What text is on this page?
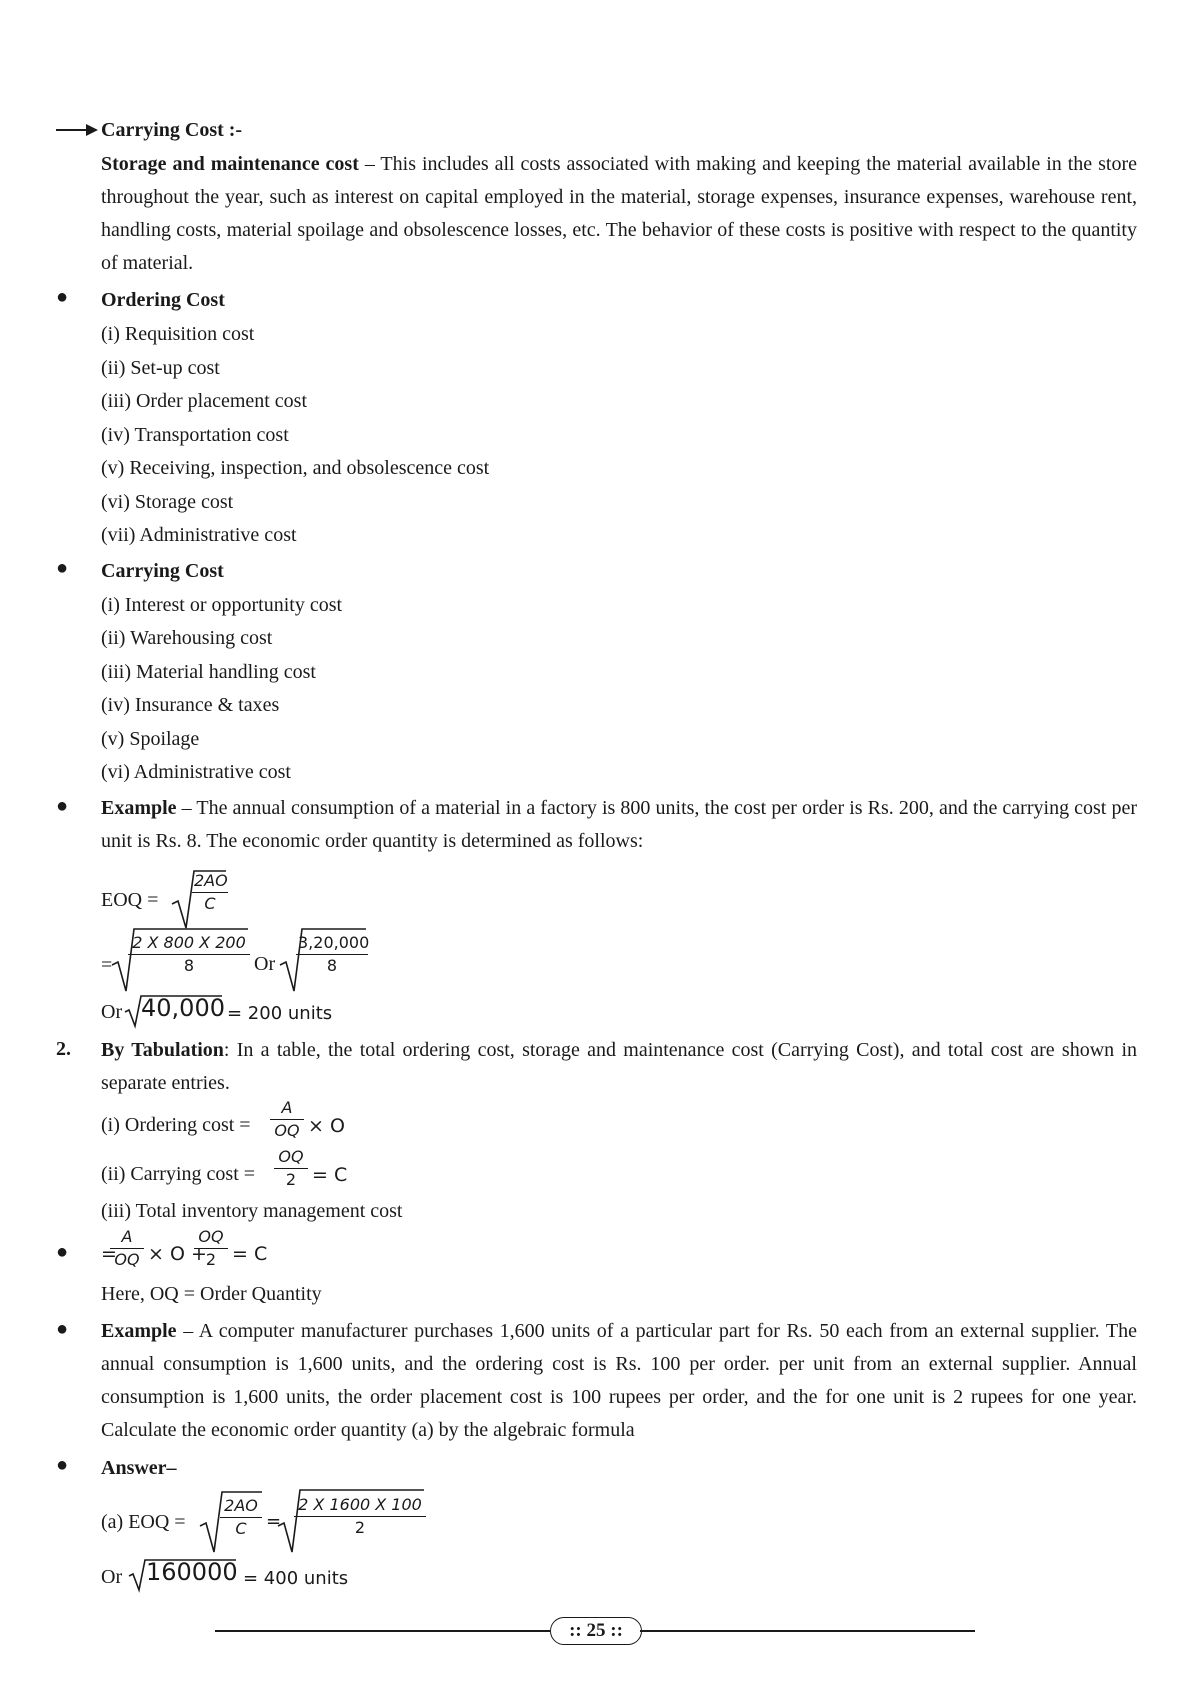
Carrying Cost :-
Storage and maintenance cost – This includes all costs associated with making and keeping the material available in the store throughout the year, such as interest on capital employed in the material, storage expenses, insurance expenses, warehouse rent, handling costs, material spoilage and obsolescence losses, etc. The behavior of these costs is positive with respect to the quantity of material.
● Ordering Cost
(i) Requisition cost
(ii) Set-up cost
(iii) Order placement cost
(iv) Transportation cost
(v) Receiving, inspection, and obsolescence cost
(vi) Storage cost
(vii) Administrative cost
● Carrying Cost
(i) Interest or opportunity cost
(ii) Warehousing cost
(iii) Material handling cost
(iv) Insurance & taxes
(v) Spoilage
(vi) Administrative cost
● Example – The annual consumption of a material in a factory is 800 units, the cost per order is Rs. 200, and the carrying cost per unit is Rs. 8. The economic order quantity is determined as follows:
EOQ = $\frac{2AO}{C}$
= $\frac{2 X 800 X 200}{8}$ Or $\frac{3,20,000}{8}$
Or 40,000 = 200 units
2. By Tabulation: In a table, the total ordering cost, storage and maintenance cost (Carrying Cost), and total cost are shown in separate entries.
(i) Ordering $\cos t = \frac{A}{OQ} \times O$
(ii) Carrying $\cos t = \frac{OQ}{2} = C$
(iii) Total inventory management cost
● =
$\frac{A}{OQ} \times O$ +
$\frac{OQ}{2} = C$
Here, OQ = Order Quantity
● Example – A computer manufacturer purchases 1,600 units of a particular part for Rs. 50 each from an external supplier. The annual consumption is 1,600 units, and the ordering cost is Rs. 100 per order. per unit from an external supplier. Annual consumption is 1,600 units, the order placement cost is 100 rupees per order, and the for one unit is 2 rupees for one year. Calculate the economic order quantity (a) by the algebraic formula
● Answer–
(a) EOQ = $\frac{2AO}{C} = \frac{2 X 1600 X 100}{2}$
Or 160000 = 400 units
:: 25 ::
